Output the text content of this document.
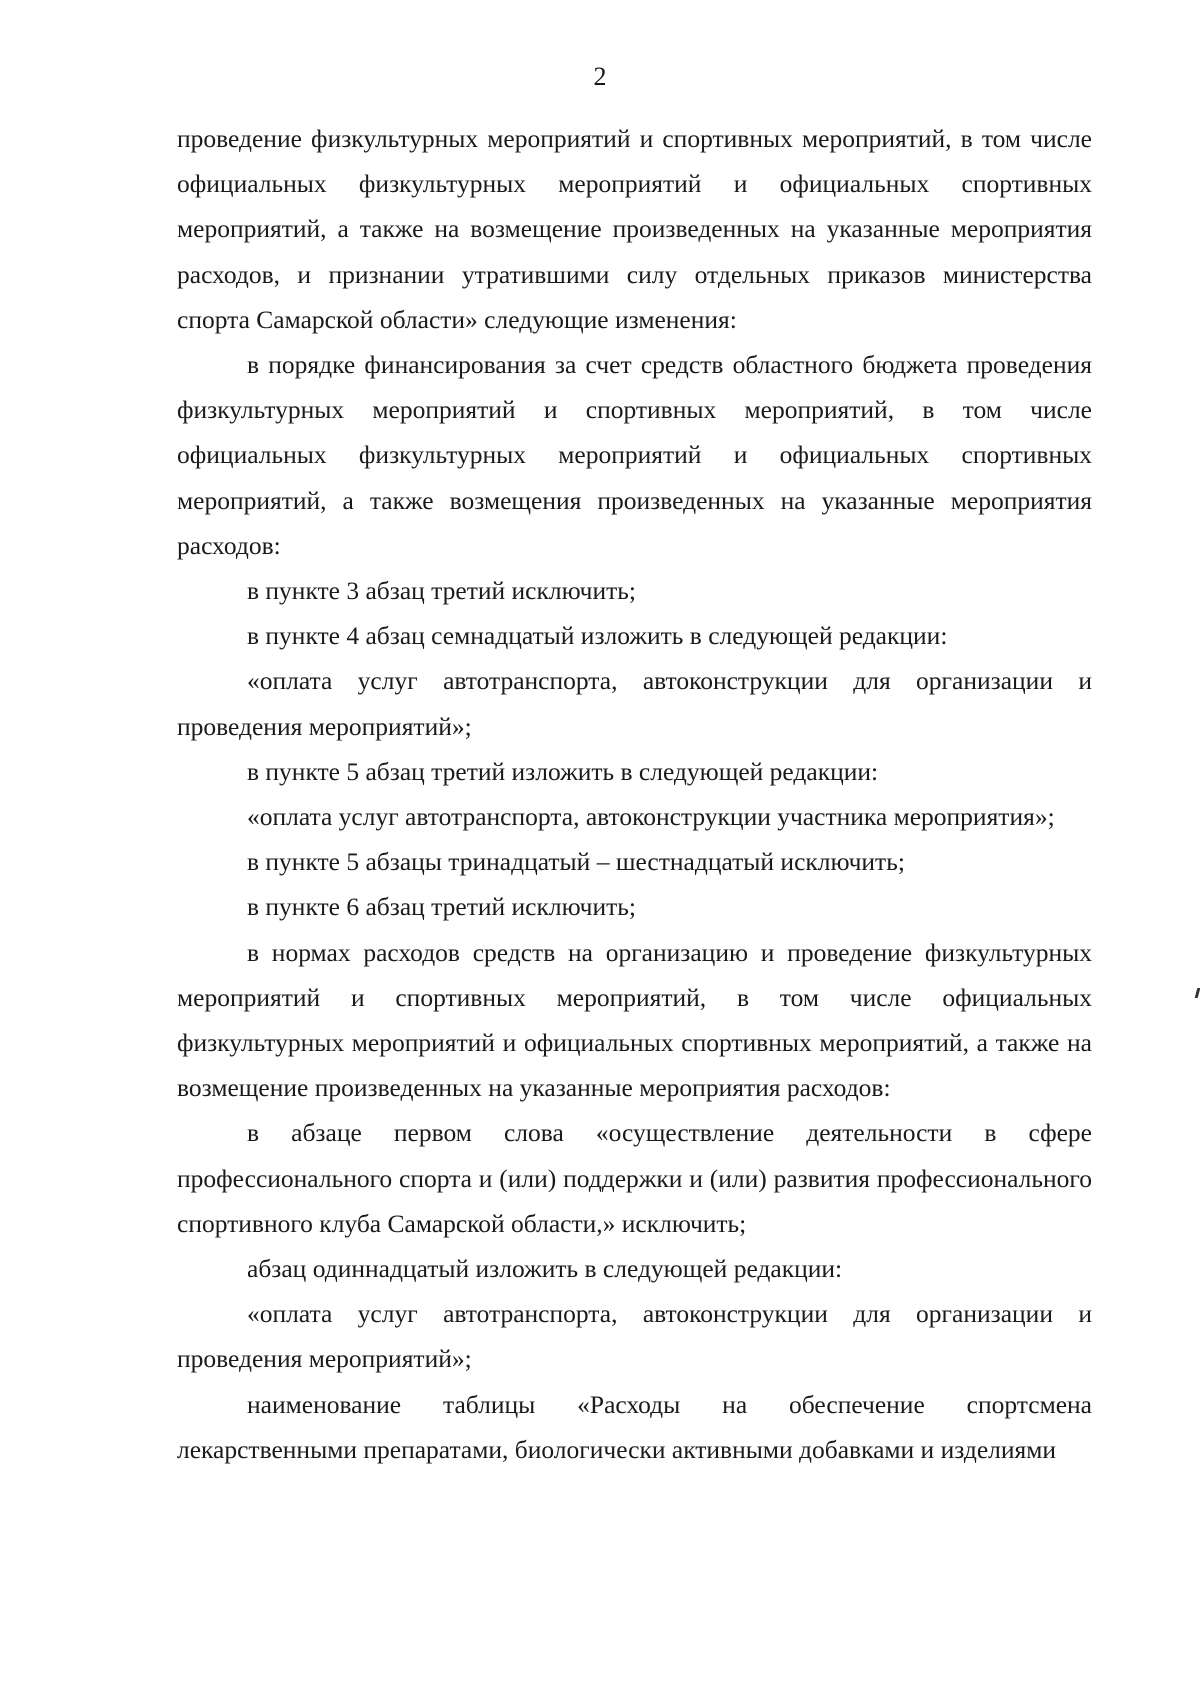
2

проведение физкультурных мероприятий и спортивных мероприятий, в том числе официальных физкультурных мероприятий и официальных спортивных мероприятий, а также на возмещение произведенных на указанные мероприятия расходов, и признании утратившими силу отдельных приказов министерства спорта Самарской области» следующие изменения:

в порядке финансирования за счет средств областного бюджета проведения физкультурных мероприятий и спортивных мероприятий, в том числе официальных физкультурных мероприятий и официальных спортивных мероприятий, а также возмещения произведенных на указанные мероприятия расходов:

в пункте 3 абзац третий исключить;

в пункте 4 абзац семнадцатый изложить в следующей редакции:

«оплата услуг автотранспорта, автоконструкции для организации и проведения мероприятий»;

в пункте 5 абзац третий изложить в следующей редакции:

«оплата услуг автотранспорта, автоконструкции участника мероприятия»;

в пункте 5 абзацы тринадцатый – шестнадцатый исключить;

в пункте 6 абзац третий исключить;

в нормах расходов средств на организацию и проведение физкультурных мероприятий и спортивных мероприятий, в том числе официальных физкультурных мероприятий и официальных спортивных мероприятий, а также на возмещение произведенных на указанные мероприятия расходов:

в абзаце первом слова «осуществление деятельности в сфере профессионального спорта и (или) поддержки и (или) развития профессионального спортивного клуба Самарской области,» исключить;

абзац одиннадцатый изложить в следующей редакции:

«оплата услуг автотранспорта, автоконструкции для организации и проведения мероприятий»;

наименование таблицы «Расходы на обеспечение спортсмена лекарственными препаратами, биологически активными добавками и изделиями
